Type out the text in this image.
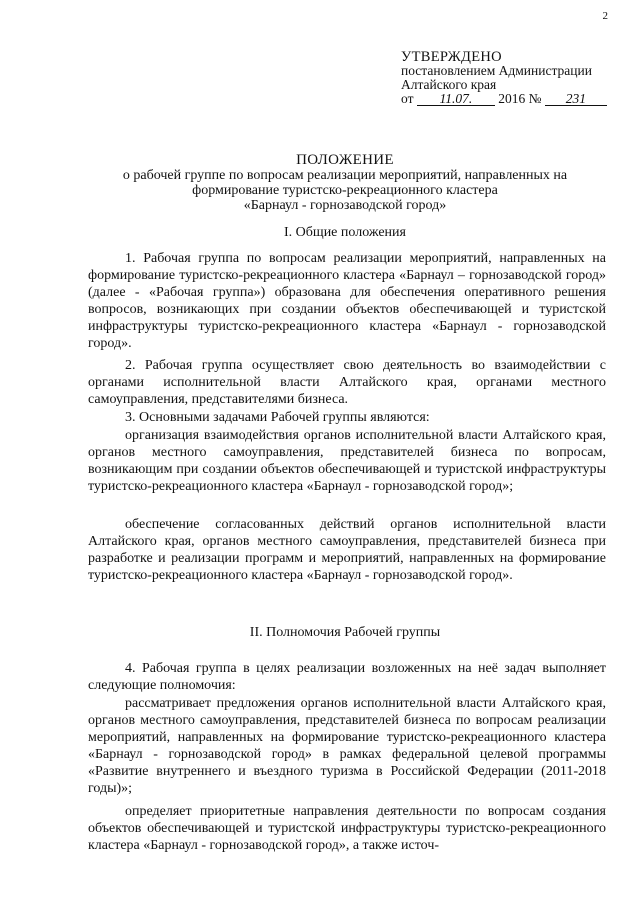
2
УТВЕРЖДЕНО
постановлением Администрации
Алтайского края
от 11.07. 2016 № 231
ПОЛОЖЕНИЕ
о рабочей группе по вопросам реализации мероприятий, направленных на
формирование туристско-рекреационного кластера
«Барнаул - горнозаводской город»
I. Общие положения
1. Рабочая группа по вопросам реализации мероприятий, направленных на формирование туристско-рекреационного кластера «Барнаул – горнозаводской город» (далее - «Рабочая группа») образована для обеспечения оперативного решения вопросов, возникающих при создании объектов обеспечивающей и туристской инфраструктуры туристско-рекреационного кластера «Барнаул - горнозаводской город».
2. Рабочая группа осуществляет свою деятельность во взаимодействии с органами исполнительной власти Алтайского края, органами местного самоуправления, представителями бизнеса.
3. Основными задачами Рабочей группы являются:
организация взаимодействия органов исполнительной власти Алтайского края, органов местного самоуправления, представителей бизнеса по вопросам, возникающим при создании объектов обеспечивающей и туристской инфраструктуры туристско-рекреационного кластера «Барнаул - горнозаводской город»;
обеспечение согласованных действий органов исполнительной власти Алтайского края, органов местного самоуправления, представителей бизнеса при разработке и реализации программ и мероприятий, направленных на формирование туристско-рекреационного кластера «Барнаул - горнозаводской город».
II. Полномочия Рабочей группы
4. Рабочая группа в целях реализации возложенных на неё задач выполняет следующие полномочия:
рассматривает предложения органов исполнительной власти Алтайского края, органов местного самоуправления, представителей бизнеса по вопросам реализации мероприятий, направленных на формирование туристско-рекреационного кластера «Барнаул - горнозаводской город» в рамках федеральной целевой программы «Развитие внутреннего и въездного туризма в Российской Федерации (2011-2018 годы)»;
определяет приоритетные направления деятельности по вопросам создания объектов обеспечивающей и туристской инфраструктуры туристско-рекреационного кластера «Барнаул - горнозаводской город», а также источ-
